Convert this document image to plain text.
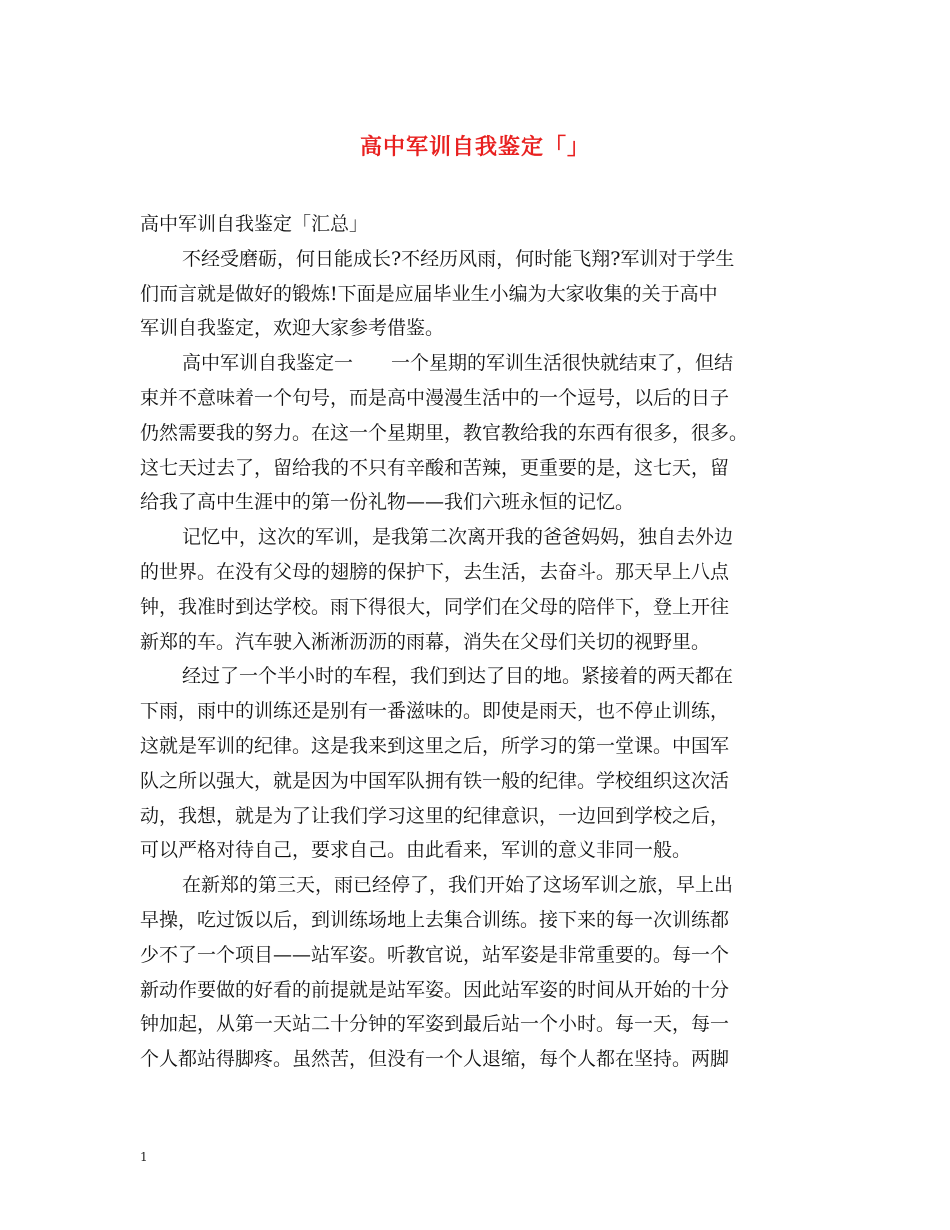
高中军训自我鉴定「」
高中军训自我鉴定「汇总」
不经受磨砺，何日能成长?不经历风雨，何时能飞翔?军训对于学生
们而言就是做好的锻炼!下面是应届毕业生小编为大家收集的关于高中
军训自我鉴定，欢迎大家参考借鉴。
高中军训自我鉴定一　　一个星期的军训生活很快就结束了，但结
束并不意味着一个句号，而是高中漫漫生活中的一个逗号，以后的日子
仍然需要我的努力。在这一个星期里，教官教给我的东西有很多，很多。
这七天过去了，留给我的不只有辛酸和苦辣，更重要的是，这七天，留
给我了高中生涯中的第一份礼物——我们六班永恒的记忆。
记忆中，这次的军训，是我第二次离开我的爸爸妈妈，独自去外边
的世界。在没有父母的翅膀的保护下，去生活，去奋斗。那天早上八点
钟，我准时到达学校。雨下得很大，同学们在父母的陪伴下，登上开往
新郑的车。汽车驶入淅淅沥沥的雨幕，消失在父母们关切的视野里。
经过了一个半小时的车程，我们到达了目的地。紧接着的两天都在
下雨，雨中的训练还是别有一番滋味的。即使是雨天，也不停止训练，
这就是军训的纪律。这是我来到这里之后，所学习的第一堂课。中国军
队之所以强大，就是因为中国军队拥有铁一般的纪律。学校组织这次活
动，我想，就是为了让我们学习这里的纪律意识，一边回到学校之后，
可以严格对待自己，要求自己。由此看来，军训的意义非同一般。
在新郑的第三天，雨已经停了，我们开始了这场军训之旅，早上出
早操，吃过饭以后，到训练场地上去集合训练。接下来的每一次训练都
少不了一个项目——站军姿。听教官说，站军姿是非常重要的。每一个
新动作要做的好看的前提就是站军姿。因此站军姿的时间从开始的十分
钟加起，从第一天站二十分钟的军姿到最后站一个小时。每一天，每一
个人都站得脚疼。虽然苦，但没有一个人退缩，每个人都在坚持。两脚
1
